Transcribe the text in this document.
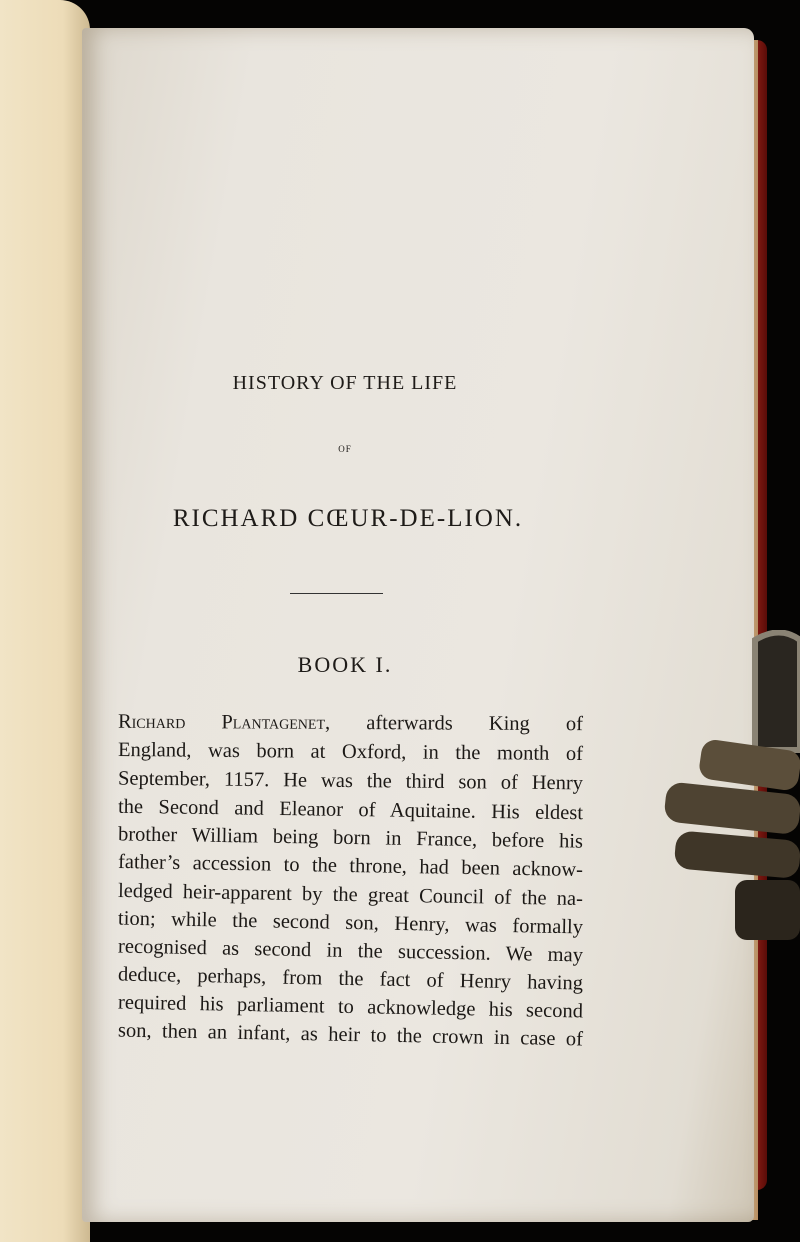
HISTORY OF THE LIFE
OF
RICHARD CŒUR-DE-LION.
BOOK I.
Richard Plantagenet, afterwards King of
England, was born at Oxford, in the month of
September, 1157. He was the third son of Henry
the Second and Eleanor of Aquitaine. His eldest
brother William being born in France, before his
father’s accession to the throne, had been acknow-
ledged heir-apparent by the great Council of the na-
tion; while the second son, Henry, was formally
recognised as second in the succession. We may
deduce, perhaps, from the fact of Henry having
required his parliament to acknowledge his second
son, then an infant, as heir to the crown in case of
